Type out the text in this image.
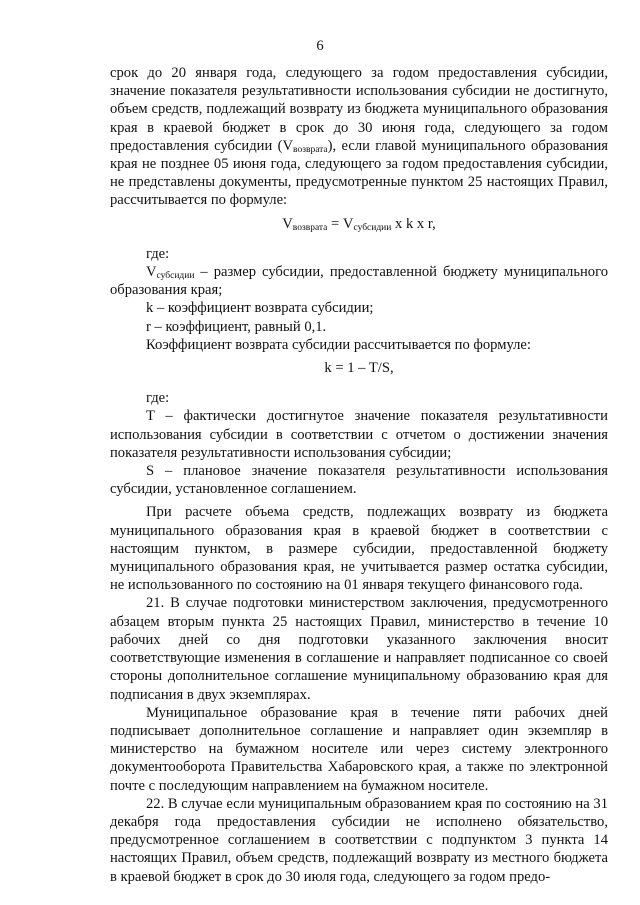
6

срок до 20 января года, следующего за годом предоставления субсидии, значение показателя результативности использования субсидии не достигнуто, объем средств, подлежащий возврату из бюджета муниципального образования края в краевой бюджет в срок до 30 июня года, следующего за годом предоставления субсидии $(V_{возврата})$, если главой муниципального образования края не позднее 05 июня года, следующего за годом предоставления субсидии, не представлены документы, предусмотренные пунктом 25 настоящих Правил, рассчитывается по формуле:

$V_{возврата} = V_{субсидии}$ x k x r,

где:

$V_{субсидии}$ – размер субсидии, предоставленной бюджету муниципального образования края;

k – коэффициент возврата субсидии;

r – коэффициент, равный 0,1.

Коэффициент возврата субсидии рассчитывается по формуле:

k = 1 – T/S,

где:

T – фактически достигнутое значение показателя результативности использования субсидии в соответствии с отчетом о достижении значения показателя результативности использования субсидии;

S – плановое значение показателя результативности использования субсидии, установленное соглашением.

При расчете объема средств, подлежащих возврату из бюджета муниципального образования края в краевой бюджет в соответствии с настоящим пунктом, в размере субсидии, предоставленной бюджету муниципального образования края, не учитывается размер остатка субсидии, не использованного по состоянию на 01 января текущего финансового года.

21. В случае подготовки министерством заключения, предусмотренного абзацем вторым пункта 25 настоящих Правил, министерство в течение 10 рабочих дней со дня подготовки указанного заключения вносит соответствующие изменения в соглашение и направляет подписанное со своей стороны дополнительное соглашение муниципальному образованию края для подписания в двух экземплярах.

Муниципальное образование края в течение пяти рабочих дней подписывает дополнительное соглашение и направляет один экземпляр в министерство на бумажном носителе или через систему электронного документооборота Правительства Хабаровского края, а также по электронной почте с последующим направлением на бумажном носителе.

22. В случае если муниципальным образованием края по состоянию на 31 декабря года предоставления субсидии не исполнено обязательство, предусмотренное соглашением в соответствии с подпунктом 3 пункта 14 настоящих Правил, объем средств, подлежащий возврату из местного бюджета в краевой бюджет в срок до 30 июля года, следующего за годом предо-
